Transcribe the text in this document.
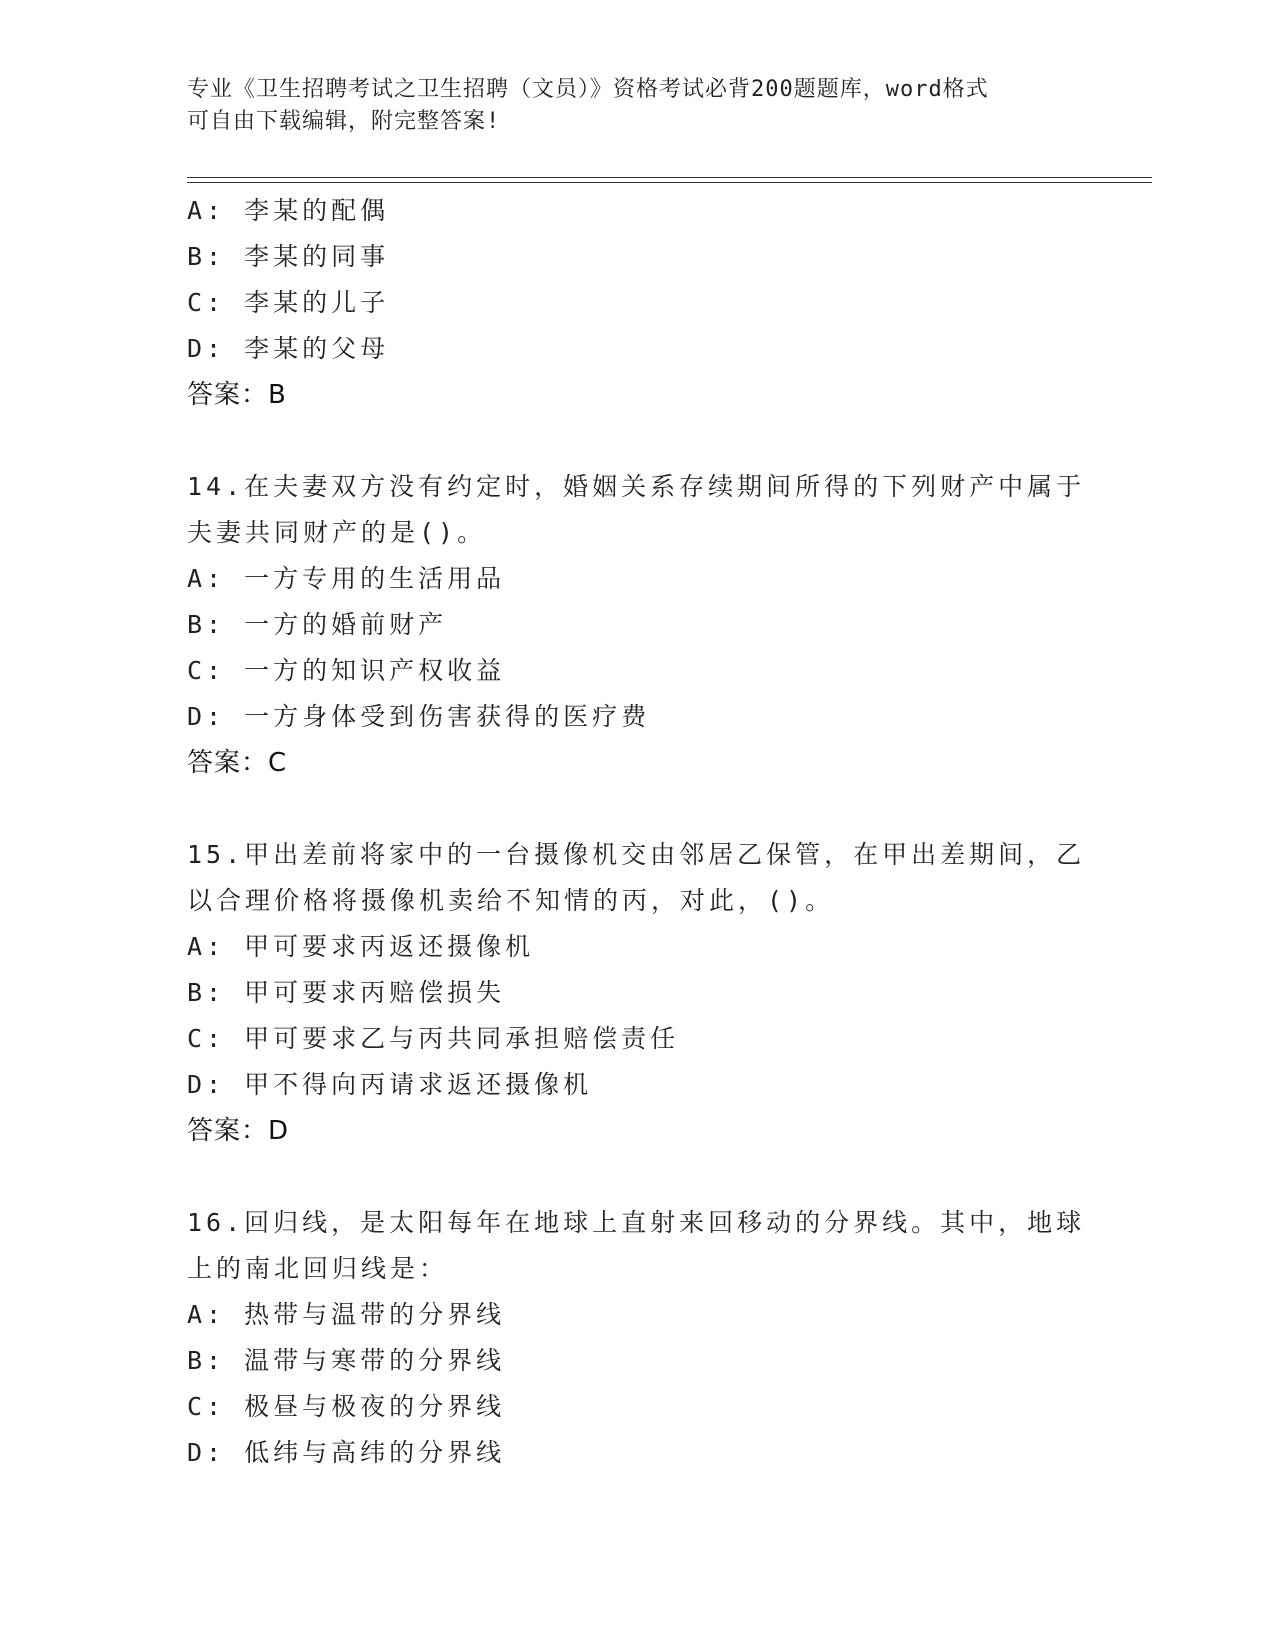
专业《卫生招聘考试之卫生招聘（文员）》资格考试必背200题题库，word格式
可自由下载编辑，附完整答案!
A: 李某的配偶
B: 李某的同事
C: 李某的儿子
D: 李某的父母
答案：B
14.在夫妻双方没有约定时，婚姻关系存续期间所得的下列财产中属于
夫妻共同财产的是()。
A: 一方专用的生活用品
B: 一方的婚前财产
C: 一方的知识产权收益
D: 一方身体受到伤害获得的医疗费
答案：C
15.甲出差前将家中的一台摄像机交由邻居乙保管，在甲出差期间，乙
以合理价格将摄像机卖给不知情的丙，对此，()。
A: 甲可要求丙返还摄像机
B: 甲可要求丙赔偿损失
C: 甲可要求乙与丙共同承担赔偿责任
D: 甲不得向丙请求返还摄像机
答案：D
16.回归线，是太阳每年在地球上直射来回移动的分界线。其中，地球
上的南北回归线是：
A: 热带与温带的分界线
B: 温带与寒带的分界线
C: 极昼与极夜的分界线
D: 低纬与高纬的分界线
